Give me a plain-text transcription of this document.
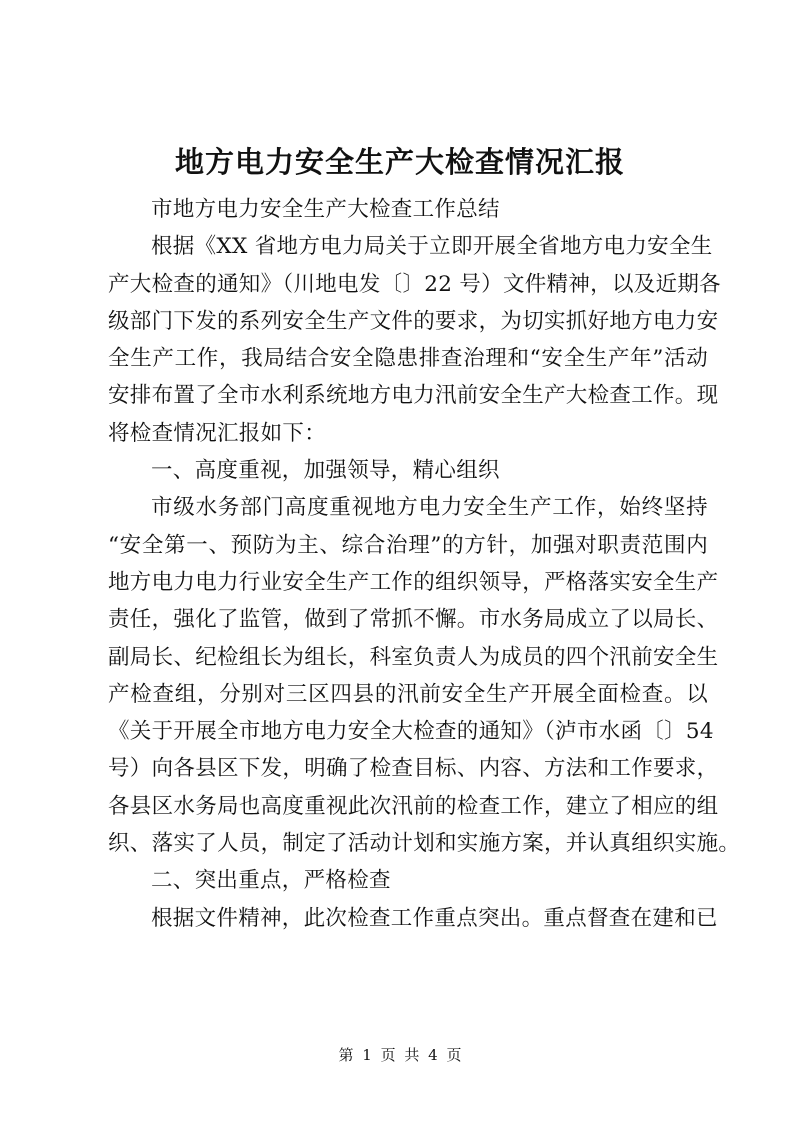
地方电力安全生产大检查情况汇报
市地方电力安全生产大检查工作总结
根据《XX 省地方电力局关于立即开展全省地方电力安全生
产大检查的通知》（川地电发〔〕22 号）文件精神，以及近期各
级部门下发的系列安全生产文件的要求，为切实抓好地方电力安
全生产工作，我局结合安全隐患排查治理和“安全生产年”活动
安排布置了全市水利系统地方电力汛前安全生产大检查工作。现
将检查情况汇报如下：
一、高度重视，加强领导，精心组织
市级水务部门高度重视地方电力安全生产工作，始终坚持
“安全第一、预防为主、综合治理”的方针，加强对职责范围内
地方电力电力行业安全生产工作的组织领导，严格落实安全生产
责任，强化了监管，做到了常抓不懈。市水务局成立了以局长、
副局长、纪检组长为组长，科室负责人为成员的四个汛前安全生
产检查组，分别对三区四县的汛前安全生产开展全面检查。以
《关于开展全市地方电力安全大检查的通知》（泸市水函〔〕54
号）向各县区下发，明确了检查目标、内容、方法和工作要求，
各县区水务局也高度重视此次汛前的检查工作，建立了相应的组
织、落实了人员，制定了活动计划和实施方案，并认真组织实施。
二、突出重点，严格检查
根据文件精神，此次检查工作重点突出。重点督查在建和已
第 1 页 共 4 页
